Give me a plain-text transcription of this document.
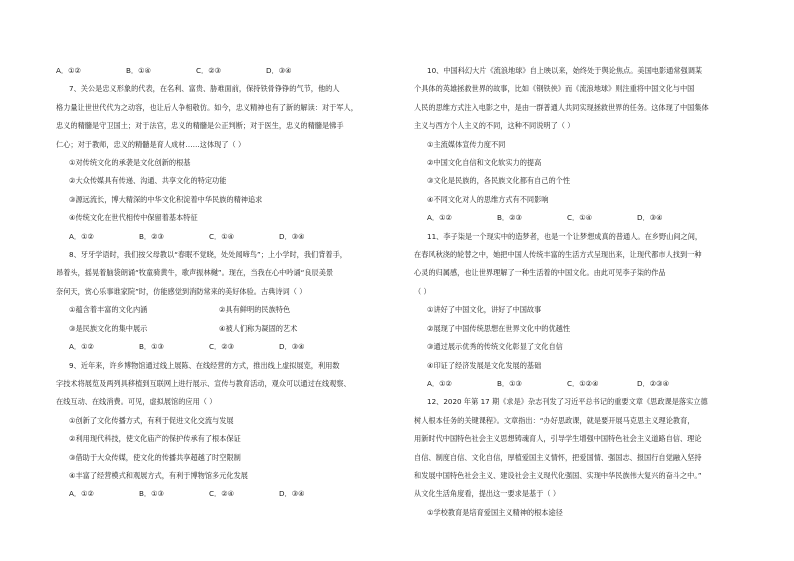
A．①②	B．①④	C．②③	D．③④
7、关公是忠义形象的代表，在名利、富贵、胁难面前，保持铁骨铮铮的气节，他的人
格力量让世世代代为之动容，也让后人争相敬仿。如今，忠义精神也有了新的解读：对于军人，
忠义的精髓是守卫国土；对于法官，忠义的精髓是公正判断；对于医生，忠义的精髓是怫手
仁心；对于教师，忠义的精髓是育人成材……这体现了（ ）
①对传统文化的承袭是文化创新的根基
②大众传媒具有传递、沟通、共享文化的特定功能
③源远流长，博大精深的中华文化积淀着中华民族的精神追求
④传统文化在世代相传中保留着基本特征
A．①②	B．②③	C．①④	D．③④
8、牙牙学语时，我们按父母教以“春眠不觉晓，处处闻啼鸟”；上小学时，我们背着手，
昂着头，摇晃着脑袋朗诵“牧童骑黄牛，歌声振林樾”。现在，当我在心中吟诵“良辰美景
奈何天，赏心乐事谁家院”时，仿能感觉到消防常来的美好体验。古典诗词（ ）
①蕴含着丰富的文化内涵	②具有鲜明的民族特色
③是民族文化的集中展示	④被人们称为凝固的艺术
A．①②	B．①③	C．②③	D．③④
9、近年来，许乡博物馆通过线上展陈、在线经营的方式，推出线上虚拟展览，利用数
字技术将展览及两列具移植到互联网上进行展示、宣传与教育活动，观众可以通过在线观察、
在线互动、在线消费。可见，虚拟展馆的应用（ ）
①创新了文化传播方式，有利于促进文化交流与发展
②利用现代科技，使文化庙产的保护传承有了根本保证
③借助于大众传媒，使文化的传播共享超越了时空限制
④丰富了经营模式和观展方式，有利于博物馆多元化发展
A．①②	B．①③	C．②④	D．③④
10、中国科幻大片《流浪地球》自上映以来，始终处于舆论焦点。美国电影通常强调某
个具体的英雄拯救世界的故事，比如《钢铁侠》而《流浪地球》则注重将中国文化与中国
人民的思维方式注入电影之中，是由一群普通人共同实现拯救世界的任务。这体现了中国集体
主义与西方个人主义的不同，这种不同说明了（ ）
①主流媒体宣传力度不同
②中国文化自信和文化软实力的提高
③文化是民族的，各民族文化都有自己的个性
④不同文化对人的思维方式有不同影响
A．①②	B．②③	C．①④	D．③④
11、李子柒是一个现实中的造梦者，也是一个让梦想成真的普通人。在乡野山间之间，
在春风秋浇的轮替之中，她把中国人传统丰富的生活方式呈现出来，让现代都市人找到一种
心灵的归属感，也让世界理解了一种生活着的中国文化。由此可见李子柒的作品
（ ）
①讲好了中国文化，讲好了中国故事
②展现了中国传统思想在世界文化中的优越性
③通过展示优秀的传统文化彰显了文化自信
④印证了经济发展是文化发展的基础
A．①②	B．①③	C．①②④	D．②③④
12、2020 年第 17 期《求是》杂志刊发了习近平总书记的重要文章《思政课是落实立德
树人根本任务的关键课程》。文章指出：“办好思政课，就是要开展马克思主义理论教育，
用新时代中国特色社会主义思想铸魂育人，引导学生增强中国特色社会主义道路自信、理论
自信、制度自信、文化自信，厚植爱国主义情怀，把爱国情、强国志、报国行自觉融入坚持
和发展中国特色社会主义、建设社会主义现代化强国、实现中华民族伟大复兴的奋斗之中。”
从文化生活角度看，提出这一要求是基于（ ）
①学校教育是培育爱国主义精神的根本途径
